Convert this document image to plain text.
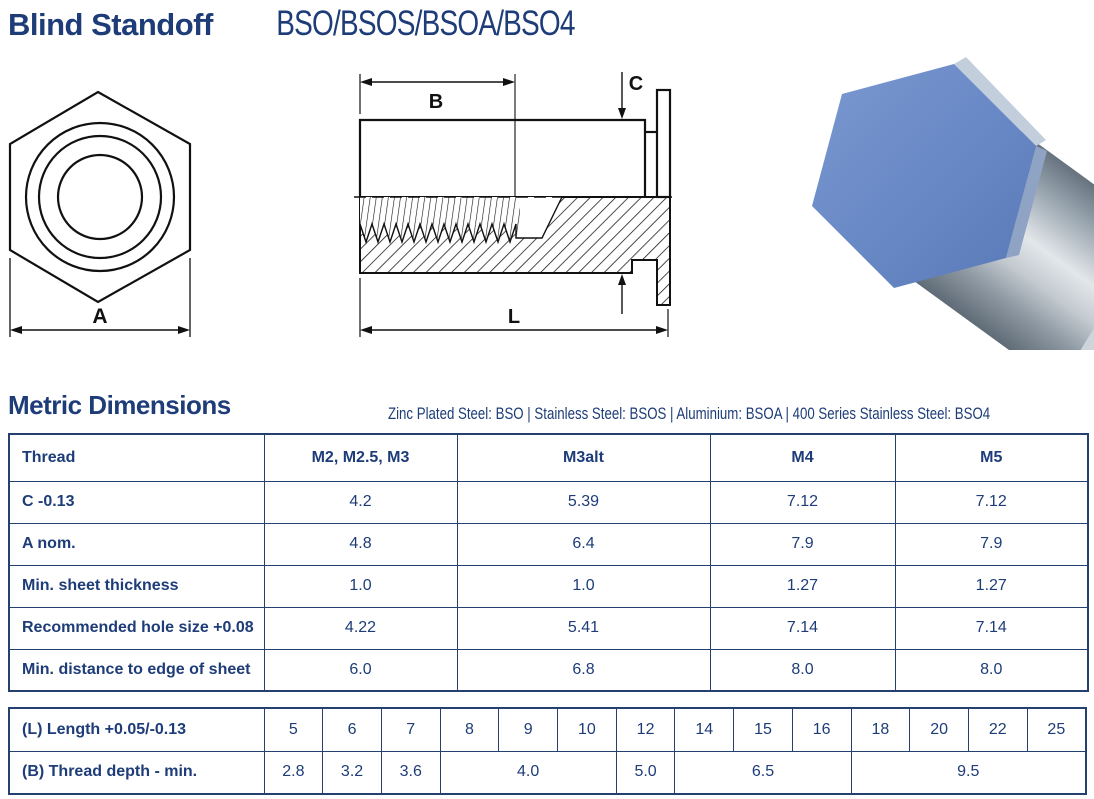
Blind Standoff BSO/BSOS/BSOA/BSO4
A
B
C
L
Metric Dimensions	Zinc Plated Steel: BSO | Stainless Steel: BSOS | Aluminium: BSOA | 400 Series Stainless Steel: BSO4
Thread	M2, M2.5, M3	M3alt	M4	M5
C -0.13	4.2	5.39	7.12	7.12
A nom.	4.8	6.4	7.9	7.9
Min. sheet thickness	1.0	1.0	1.27	1.27
Recommended hole size +0.08	4.22	5.41	7.14	7.14
Min. distance to edge of sheet	6.0	6.8	8.0	8.0
(L) Length +0.05/-0.13	5	6	7	8	9	10	12	14	15	16	18	20	22	25
(B) Thread depth - min.	2.8	3.2	3.6	4.0			5.0	6.5			9.5			
